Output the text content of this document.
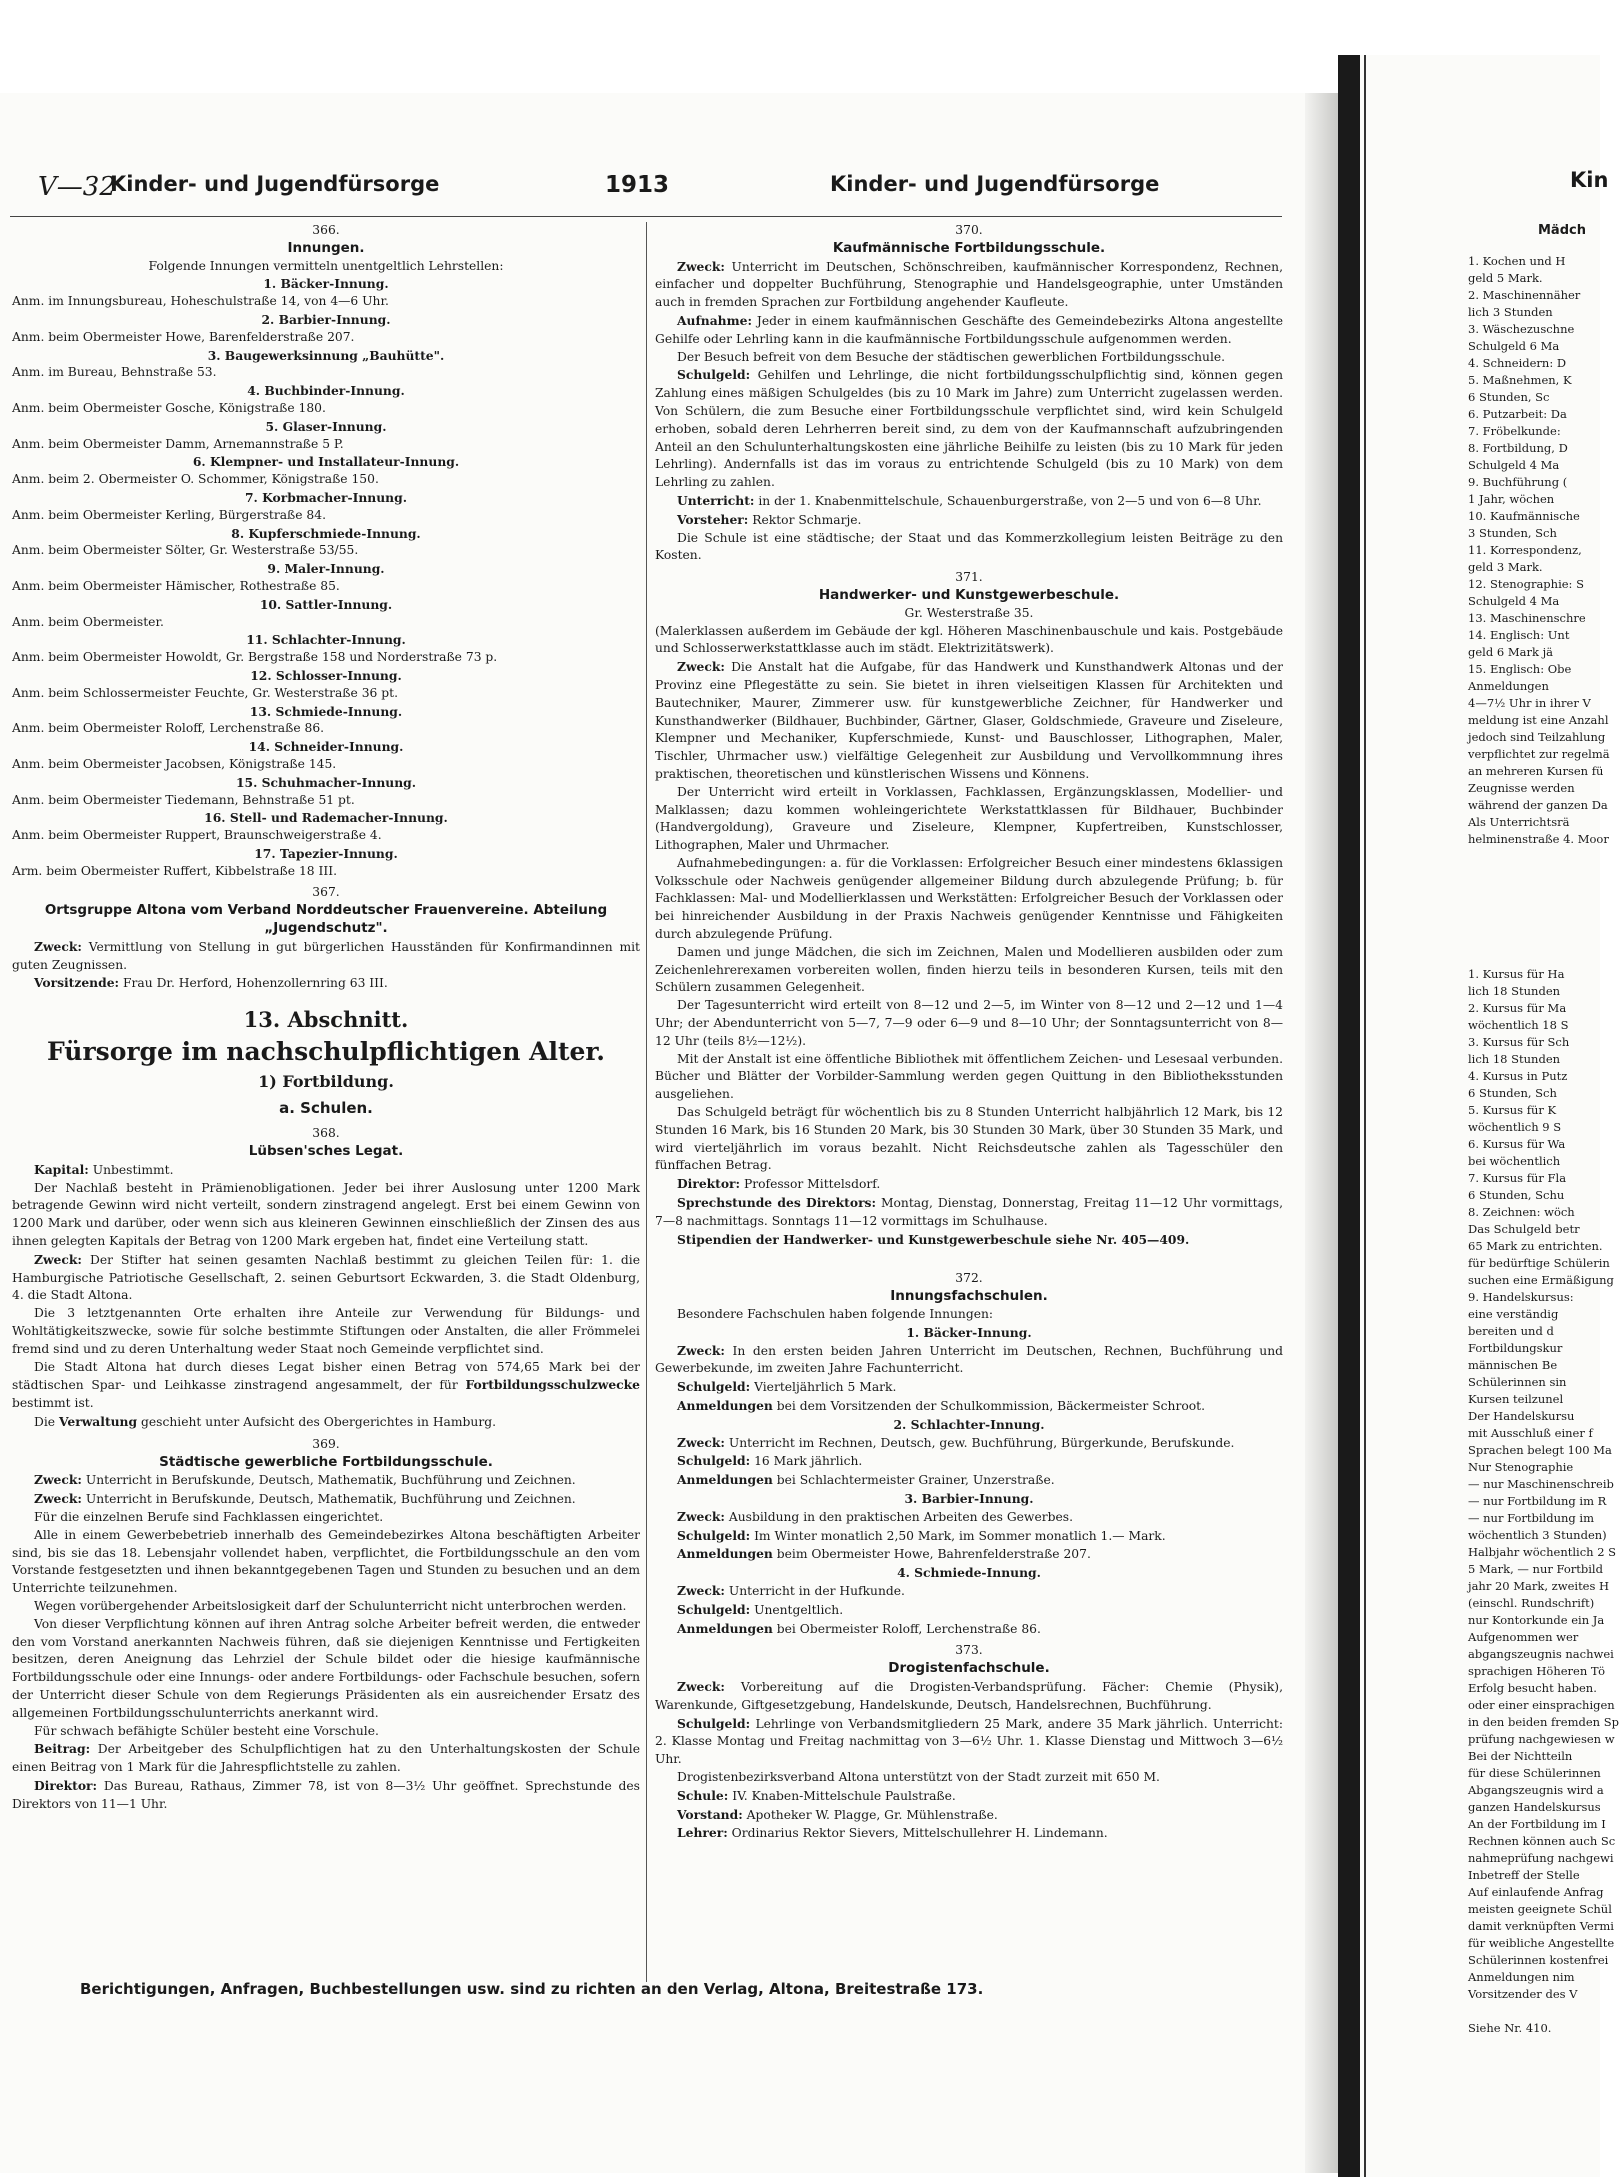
V—32
Kinder- und Jugendfürsorge	1913	Kinder- und Jugendfürsorge	Kin

366.

Innungen.

Folgende Innungen vermitteln unentgeltlich Lehrstellen:

1. Bäcker-Innung.

Anm. im Innungsbureau, Hoheschulstraße 14, von 4—6 Uhr.

2. Barbier-Innung.

Anm. beim Obermeister Howe, Barenfelderstraße 207.

3. Baugewerksinnung „Bauhütte".

Anm. im Bureau, Behnstraße 53.

4. Buchbinder-Innung.

Anm. beim Obermeister Gosche, Königstraße 180.

5. Glaser-Innung.

Anm. beim Obermeister Damm, Arnemannstraße 5 P.

6. Klempner- und Installateur-Innung.

Anm. beim 2. Obermeister O. Schommer, Königstraße 150.

7. Korbmacher-Innung.

Anm. beim Obermeister Kerling, Bürgerstraße 84.

8. Kupferschmiede-Innung.

Anm. beim Obermeister Sölter, Gr. Westerstraße 53/55.

9. Maler-Innung.

Anm. beim Obermeister Hämischer, Rothestraße 85.

10. Sattler-Innung.

Anm. beim Obermeister.

11. Schlachter-Innung.

Anm. beim Obermeister Howoldt, Gr. Bergstraße 158 und Norderstraße 73 p.

12. Schlosser-Innung.

Anm. beim Schlossermeister Feuchte, Gr. Westerstraße 36 pt.

13. Schmiede-Innung.

Anm. beim Obermeister Roloff, Lerchenstraße 86.

14. Schneider-Innung.

Anm. beim Obermeister Jacobsen, Königstraße 145.

15. Schuhmacher-Innung.

Anm. beim Obermeister Tiedemann, Behnstraße 51 pt.

16. Stell- und Rademacher-Innung.

Anm. beim Obermeister Ruppert, Braunschweigerstraße 4.

17. Tapezier-Innung.

Arm. beim Obermeister Ruffert, Kibbelstraße 18 III.

367.

Ortsgruppe Altona vom Verband Norddeutscher Frauenvereine. Abteilung „Jugendschutz".

Zweck: Vermittlung von Stellung in gut bürgerlichen Hausständen für Konfirmandinnen mit guten Zeugnissen.

Vorsitzende: Frau Dr. Herford, Hohenzollernring 63 III.

13. Abschnitt.

Fürsorge im nachschulpflichtigen Alter.

1) Fortbildung.

a. Schulen.

368.

Lübsen'sches Legat.

Kapital: Unbestimmt.

Der Nachlaß besteht in Prämienobligationen. Jeder bei ihrer Auslosung unter 1200 Mark betragende Gewinn wird nicht verteilt, sondern zinstragend angelegt. Erst bei einem Gewinn von 1200 Mark und darüber, oder wenn sich aus kleineren Gewinnen einschließlich der Zinsen des aus ihnen gelegten Kapitals der Betrag von 1200 Mark ergeben hat, findet eine Verteilung statt.

Zweck: Der Stifter hat seinen gesamten Nachlaß bestimmt zu gleichen Teilen für: 1. die Hamburgische Patriotische Gesellschaft, 2. seinen Geburtsort Eckwarden, 3. die Stadt Oldenburg, 4. die Stadt Altona.

Die 3 letztgenannten Orte erhalten ihre Anteile zur Verwendung für Bildungs- und Wohltätigkeitszwecke, sowie für solche bestimmte Stiftungen oder Anstalten, die aller Frömmelei fremd sind und zu deren Unterhaltung weder Staat noch Gemeinde verpflichtet sind.

Die Stadt Altona hat durch dieses Legat bisher einen Betrag von 574,65 Mark bei der städtischen Spar- und Leihkasse zinstragend angesammelt, der für Fortbildungsschulzwecke bestimmt ist.

Die Verwaltung geschieht unter Aufsicht des Obergerichtes in Hamburg.

369.

Städtische gewerbliche Fortbildungsschule.

Zweck: Unterricht in Berufskunde, Deutsch, Mathematik, Buchführung und Zeichnen.

Zweck: Unterricht in Berufskunde, Deutsch, Mathematik, Buchführung und Zeichnen.

Für die einzelnen Berufe sind Fachklassen eingerichtet.

Alle in einem Gewerbebetrieb innerhalb des Gemeindebezirkes Altona beschäftigten Arbeiter sind, bis sie das 18. Lebensjahr vollendet haben, verpflichtet, die Fortbildungsschule an den vom Vorstande festgesetzten und ihnen bekanntgegebenen Tagen und Stunden zu besuchen und an dem Unterrichte teilzunehmen.

Wegen vorübergehender Arbeitslosigkeit darf der Schulunterricht nicht unterbrochen werden.

Von dieser Verpflichtung können auf ihren Antrag solche Arbeiter befreit werden, die entweder den vom Vorstand anerkannten Nachweis führen, daß sie diejenigen Kenntnisse und Fertigkeiten besitzen, deren Aneignung das Lehrziel der Schule bildet oder die hiesige kaufmännische Fortbildungsschule oder eine Innungs- oder andere Fortbildungs- oder Fachschule besuchen, sofern der Unterricht dieser Schule von dem Regierungs Präsidenten als ein ausreichender Ersatz des allgemeinen Fortbildungsschulunterrichts anerkannt wird.

Für schwach befähigte Schüler besteht eine Vorschule.

Beitrag: Der Arbeitgeber des Schulpflichtigen hat zu den Unterhaltungskosten der Schule einen Beitrag von 1 Mark für die Jahrespflichtstelle zu zahlen.

Direktor: Das Bureau, Rathaus, Zimmer 78, ist von 8—3½ Uhr geöffnet. Sprechstunde des Direktors von 11—1 Uhr.

370.

Kaufmännische Fortbildungsschule.

Zweck: Unterricht im Deutschen, Schönschreiben, kaufmännischer Korrespondenz, Rechnen, einfacher und doppelter Buchführung, Stenographie und Handelsgeographie, unter Umständen auch in fremden Sprachen zur Fortbildung angehender Kaufleute.

Aufnahme: Jeder in einem kaufmännischen Geschäfte des Gemeindebezirks Altona angestellte Gehilfe oder Lehrling kann in die kaufmännische Fortbildungsschule aufgenommen werden.

Der Besuch befreit von dem Besuche der städtischen gewerblichen Fortbildungsschule.

Schulgeld: Gehilfen und Lehrlinge, die nicht fortbildungsschulpflichtig sind, können gegen Zahlung eines mäßigen Schulgeldes (bis zu 10 Mark im Jahre) zum Unterricht zugelassen werden. Von Schülern, die zum Besuche einer Fortbildungsschule verpflichtet sind, wird kein Schulgeld erhoben, sobald deren Lehrherren bereit sind, zu dem von der Kaufmannschaft aufzubringenden Anteil an den Schulunterhaltungskosten eine jährliche Beihilfe zu leisten (bis zu 10 Mark für jeden Lehrling). Andernfalls ist das im voraus zu entrichtende Schulgeld (bis zu 10 Mark) von dem Lehrling zu zahlen.

Unterricht: in der 1. Knabenmittelschule, Schauenburgerstraße, von 2—5 und von 6—8 Uhr.

Vorsteher: Rektor Schmarje.

Die Schule ist eine städtische; der Staat und das Kommerzkollegium leisten Beiträge zu den Kosten.

371.

Handwerker- und Kunstgewerbeschule.

Gr. Westerstraße 35.

(Malerklassen außerdem im Gebäude der kgl. Höheren Maschinenbauschule und kais. Postgebäude und Schlosserwerkstattklasse auch im städt. Elektrizitätswerk).

Zweck: Die Anstalt hat die Aufgabe, für das Handwerk und Kunsthandwerk Altonas und der Provinz eine Pflegestätte zu sein. Sie bietet in ihren vielseitigen Klassen für Architekten und Bautechniker, Maurer, Zimmerer usw. für kunstgewerbliche Zeichner, für Handwerker und Kunsthandwerker (Bildhauer, Buchbinder, Gärtner, Glaser, Goldschmiede, Graveure und Ziseleure, Klempner und Mechaniker, Kupferschmiede, Kunst- und Bauschlosser, Lithographen, Maler, Tischler, Uhrmacher usw.) vielfältige Gelegenheit zur Ausbildung und Vervollkommnung ihres praktischen, theoretischen und künstlerischen Wissens und Könnens.

Der Unterricht wird erteilt in Vorklassen, Fachklassen, Ergänzungsklassen, Modellier- und Malklassen; dazu kommen wohleingerichtete Werkstattklassen für Bildhauer, Buchbinder (Handvergoldung), Graveure und Ziseleure, Klempner, Kupfertreiben, Kunstschlosser, Lithographen, Maler und Uhrmacher.

Aufnahmebedingungen: a. für die Vorklassen: Erfolgreicher Besuch einer mindestens 6klassigen Volksschule oder Nachweis genügender allgemeiner Bildung durch abzulegende Prüfung; b. für Fachklassen: Mal- und Modellierklassen und Werkstätten: Erfolgreicher Besuch der Vorklassen oder bei hinreichender Ausbildung in der Praxis Nachweis genügender Kenntnisse und Fähigkeiten durch abzulegende Prüfung.

Damen und junge Mädchen, die sich im Zeichnen, Malen und Modellieren ausbilden oder zum Zeichenlehrerexamen vorbereiten wollen, finden hierzu teils in besonderen Kursen, teils mit den Schülern zusammen Gelegenheit.

Der Tagesunterricht wird erteilt von 8—12 und 2—5, im Winter von 8—12 und 2—12 und 1—4 Uhr; der Abendunterricht von 5—7, 7—9 oder 6—9 und 8—10 Uhr; der Sonntagsunterricht von 8—12 Uhr (teils 8½—12½).

Mit der Anstalt ist eine öffentliche Bibliothek mit öffentlichem Zeichen- und Lesesaal verbunden. Bücher und Blätter der Vorbilder-Sammlung werden gegen Quittung in den Bibliotheksstunden ausgeliehen.

Das Schulgeld beträgt für wöchentlich bis zu 8 Stunden Unterricht halbjährlich 12 Mark, bis 12 Stunden 16 Mark, bis 16 Stunden 20 Mark, bis 30 Stunden 30 Mark, über 30 Stunden 35 Mark, und wird vierteljährlich im voraus bezahlt. Nicht Reichsdeutsche zahlen als Tagesschüler den fünffachen Betrag.

Direktor: Professor Mittelsdorf.

Sprechstunde des Direktors: Montag, Dienstag, Donnerstag, Freitag 11—12 Uhr vormittags, 7—8 nachmittags. Sonntags 11—12 vormittags im Schulhause.

Stipendien der Handwerker- und Kunstgewerbeschule siehe Nr. 405—409.

372.

Innungsfachschulen.

Besondere Fachschulen haben folgende Innungen:

1. Bäcker-Innung.

Zweck: In den ersten beiden Jahren Unterricht im Deutschen, Rechnen, Buchführung und Gewerbekunde, im zweiten Jahre Fachunterricht.

Schulgeld: Vierteljährlich 5 Mark.

Anmeldungen bei dem Vorsitzenden der Schulkommission, Bäckermeister Schroot.

2. Schlachter-Innung.

Zweck: Unterricht im Rechnen, Deutsch, gew. Buchführung, Bürgerkunde, Berufskunde.

Schulgeld: 16 Mark jährlich.

Anmeldungen bei Schlachtermeister Grainer, Unzerstraße.

3. Barbier-Innung.

Zweck: Ausbildung in den praktischen Arbeiten des Gewerbes.

Schulgeld: Im Winter monatlich 2,50 Mark, im Sommer monatlich 1.— Mark.

Anmeldungen beim Obermeister Howe, Bahrenfelderstraße 207.

4. Schmiede-Innung.

Zweck: Unterricht in der Hufkunde.

Schulgeld: Unentgeltlich.

Anmeldungen bei Obermeister Roloff, Lerchenstraße 86.

373.

Drogistenfachschule.

Zweck: Vorbereitung auf die Drogisten-Verbandsprüfung. Fächer: Chemie (Physik), Warenkunde, Giftgesetzgebung, Handelskunde, Deutsch, Handelsrechnen, Buchführung.

Schulgeld: Lehrlinge von Verbandsmitgliedern 25 Mark, andere 35 Mark jährlich. Unterricht: 2. Klasse Montag und Freitag nachmittag von 3—6½ Uhr. 1. Klasse Dienstag und Mittwoch 3—6½ Uhr.

Drogistenbezirksverband Altona unterstützt von der Stadt zurzeit mit 650 M.

Schule: IV. Knaben-Mittelschule Paulstraße.

Vorstand: Apotheker W. Plagge, Gr. Mühlenstraße.

Lehrer: Ordinarius Rektor Sievers, Mittelschullehrer H. Lindemann.

Berichtigungen, Anfragen, Buchbestellungen usw. sind zu richten an den Verlag, Altona, Breitestraße 173.

Mädch

1. Kochen und H

geld 5 Mark.

2. Maschinennäher

lich 3 Stunden

3. Wäschezuschne

Schulgeld 6 Ma

4. Schneidern: D

5. Maßnehmen, K

6 Stunden, Sc

6. Putzarbeit: Da

7. Fröbelkunde:

8. Fortbildung, D

Schulgeld 4 Ma

9. Buchführung (

1 Jahr, wöchen

10. Kaufmännische

3 Stunden, Sch

11. Korrespondenz,

geld 3 Mark.

12. Stenographie: S

Schulgeld 4 Ma

13. Maschinenschre

14. Englisch: Unt

geld 6 Mark jä

15. Englisch: Obe

Anmeldungen

4—7½ Uhr in ihrer V

meldung ist eine Anzahl

jedoch sind Teilzahlung

verpflichtet zur regelmä

an mehreren Kursen fü

Zeugnisse werden

während der ganzen Da

Als Unterrichtsrä

helminenstraße 4. Moor

1. Kursus für Ha

lich 18 Stunden

2. Kursus für Ma

wöchentlich 18 S

3. Kursus für Sch

lich 18 Stunden

4. Kursus in Putz

6 Stunden, Sch

5. Kursus für K

wöchentlich 9 S

6. Kursus für Wa

bei wöchentlich

7. Kursus für Fla

6 Stunden, Schu

8. Zeichnen: wöch

Das Schulgeld betr

65 Mark zu entrichten.

für bedürftige Schülerin

suchen eine Ermäßigung

9. Handelskursus:

eine verständig

bereiten und d

Fortbildungskur

männischen Be

Schülerinnen sin

Kursen teilzunel

Der Handelskursu

mit Ausschluß einer f

Sprachen belegt 100 Ma

Nur Stenographie

— nur Maschinenschreib

— nur Fortbildung im R

— nur Fortbildung im

wöchentlich 3 Stunden)

Halbjahr wöchentlich 2 S

5 Mark, — nur Fortbild

jahr 20 Mark, zweites H

(einschl. Rundschrift)

nur Kontorkunde ein Ja

Aufgenommen wer

abgangszeugnis nachwei

sprachigen Höheren Tö

Erfolg besucht haben.

oder einer einsprachigen

in den beiden fremden Sp

prüfung nachgewiesen w

Bei der Nichtteiln

für diese Schülerinnen

Abgangszeugnis wird a

ganzen Handelskursus

An der Fortbildung im I

Rechnen können auch Sc

nahmeprüfung nachgewi

Inbetreff der Stelle

Auf einlaufende Anfrag

meisten geeignete Schül

damit verknüpften Vermi

für weibliche Angestellte

Schülerinnen kostenfrei

Anmeldungen nim

Vorsitzender des V

Siehe Nr. 410.
